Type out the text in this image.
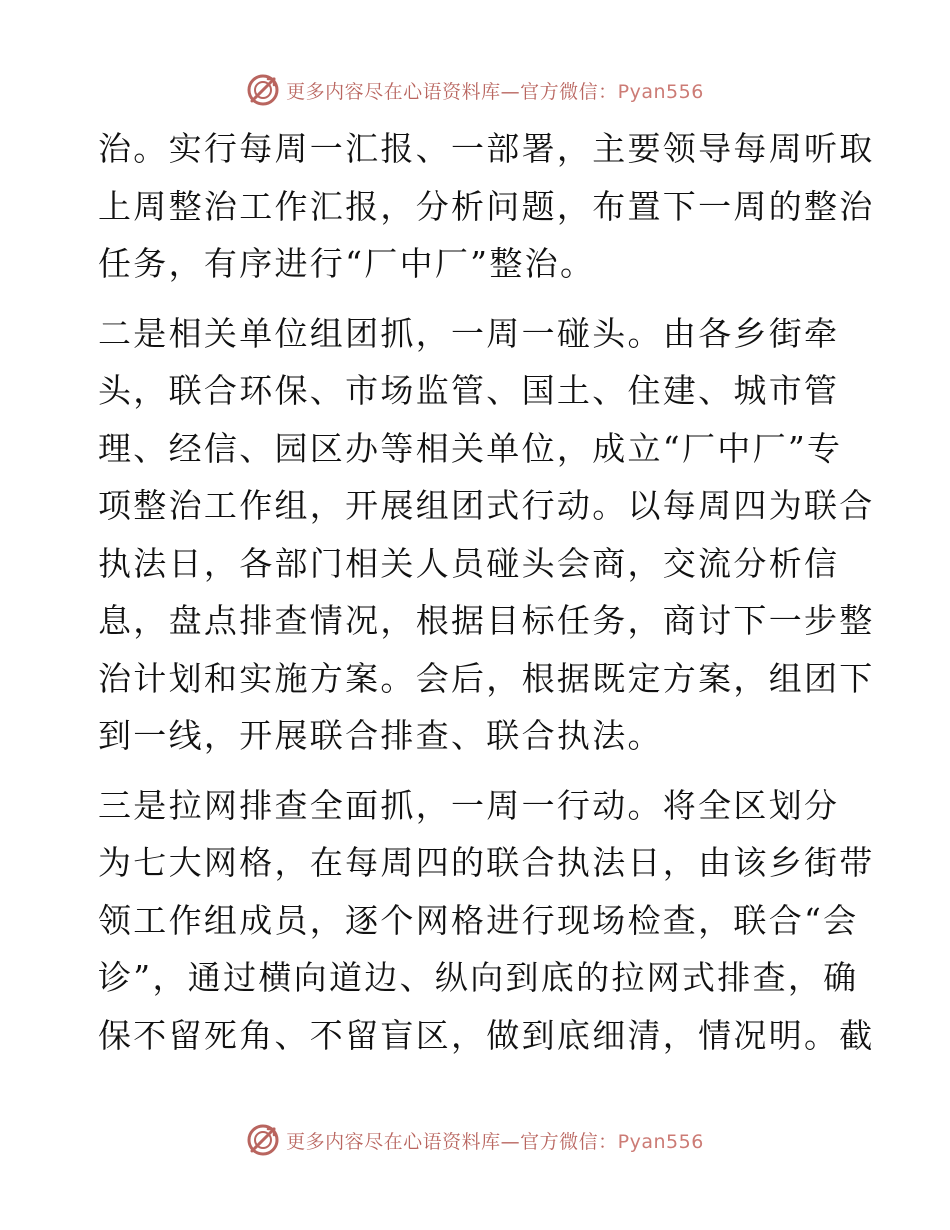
更多内容尽在心语资料库—官方微信：Pyan556
治。实行每周一汇报、一部署，主要领导每周听取
上周整治工作汇报，分析问题，布置下一周的整治
任务，有序进行“厂中厂”整治。
二是相关单位组团抓，一周一碰头。由各乡街牵
头，联合环保、市场监管、国土、住建、城市管
理、经信、园区办等相关单位，成立“厂中厂”专
项整治工作组，开展组团式行动。以每周四为联合
执法日，各部门相关人员碰头会商，交流分析信
息，盘点排查情况，根据目标任务，商讨下一步整
治计划和实施方案。会后，根据既定方案，组团下
到一线，开展联合排查、联合执法。
三是拉网排查全面抓，一周一行动。将全区划分
为七大网格，在每周四的联合执法日，由该乡街带
领工作组成员，逐个网格进行现场检查，联合“会
诊”，通过横向道边、纵向到底的拉网式排查，确
保不留死角、不留盲区，做到底细清，情况明。截
更多内容尽在心语资料库—官方微信：Pyan556
